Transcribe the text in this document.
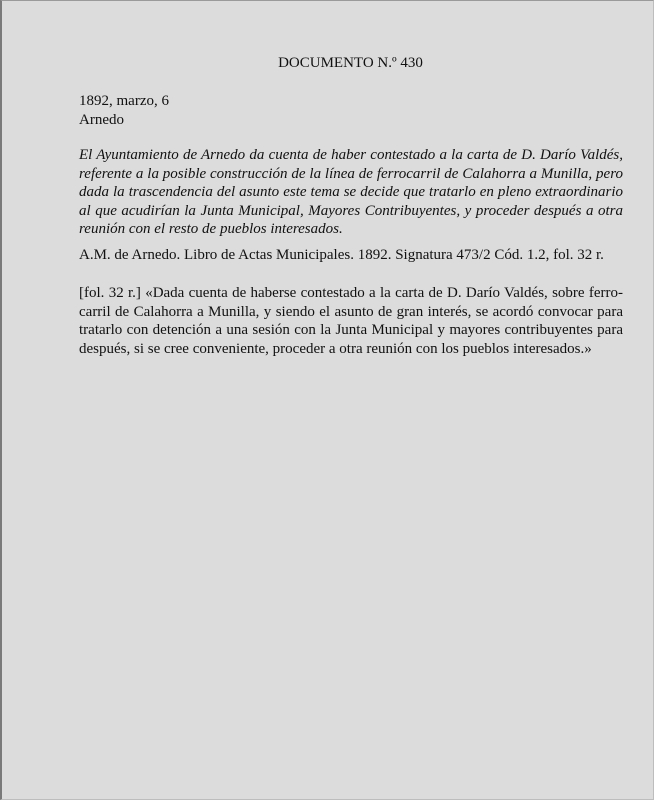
DOCUMENTO N.º 430
1892, marzo, 6
Arnedo
El Ayuntamiento de Arnedo da cuenta de haber contestado a la carta de D. Darío Valdés, referente a la posible construcción de la línea de ferrocarril de Calahorra a Munilla, pero dada la trascendencia del asunto este tema se decide que tratarlo en pleno extraordinario al que acudirían la Junta Municipal, Mayores Contribuyentes, y proceder después a otra reunión con el resto de pueblos interesados.
A.M. de Arnedo. Libro de Actas Municipales. 1892. Signatura 473/2 Cód. 1.2, fol. 32 r.
[fol. 32 r.] «Dada cuenta de haberse contestado a la carta de D. Darío Valdés, sobre ferro-carril de Calahorra a Munilla, y siendo el asunto de gran interés, se acordó convocar para tratarlo con detención a una sesión con la Junta Municipal y mayores contribuyentes para después, si se cree conveniente, proceder a otra reunión con los pueblos interesados.»
